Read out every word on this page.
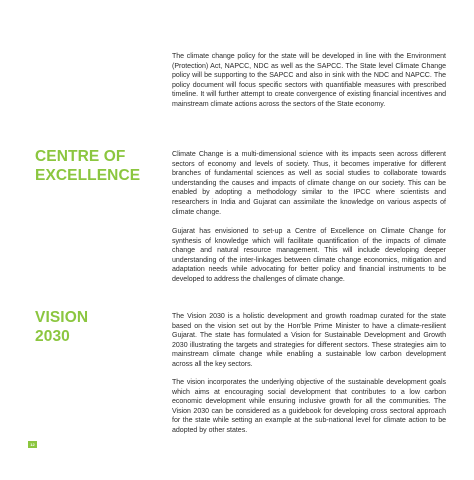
The climate change policy for the state will be developed in line with the Environment (Protection) Act, NAPCC, NDC as well as the SAPCC. The State level Climate Change policy will be supporting to the SAPCC and also in sink with the NDC and NAPCC. The policy document will focus specific sectors with quantifiable measures with prescribed timeline. It will further attempt to create convergence of existing financial incentives and mainstream climate actions across the sectors of the State economy.

CENTRE OF
EXCELLENCE

Climate Change is a multi-dimensional science with its impacts seen across different sectors of economy and levels of society. Thus, it becomes imperative for different branches of fundamental sciences as well as social studies to collaborate towards understanding the causes and impacts of climate change on our society. This can be enabled by adopting a methodology similar to the IPCC where scientists and researchers in India and Gujarat can assimilate the knowledge on various aspects of climate change.

Gujarat has envisioned to set-up a Centre of Excellence on Climate Change for synthesis of knowledge which will facilitate quantification of the impacts of climate change and natural resource management. This will include developing deeper understanding of the inter-linkages between climate change economics, mitigation and adaptation needs while advocating for better policy and financial instruments to be developed to address the challenges of climate change.

VISION
2030

The Vision 2030 is a holistic development and growth roadmap curated for the state based on the vision set out by the Hon'ble Prime Minister to have a climate-resilient Gujarat. The state has formulated a Vision for Sustainable Development and Growth 2030 illustrating the targets and strategies for different sectors. These strategies aim to mainstream climate change while enabling a sustainable low carbon development across all the key sectors.

The vision incorporates the underlying objective of the sustainable development goals which aims at encouraging social development that contributes to a low carbon economic development while ensuring inclusive growth for all the communities. The Vision 2030 can be considered as a guidebook for developing cross sectoral approach for the state while setting an example at the sub-national level for climate action to be adopted by other states.

12
